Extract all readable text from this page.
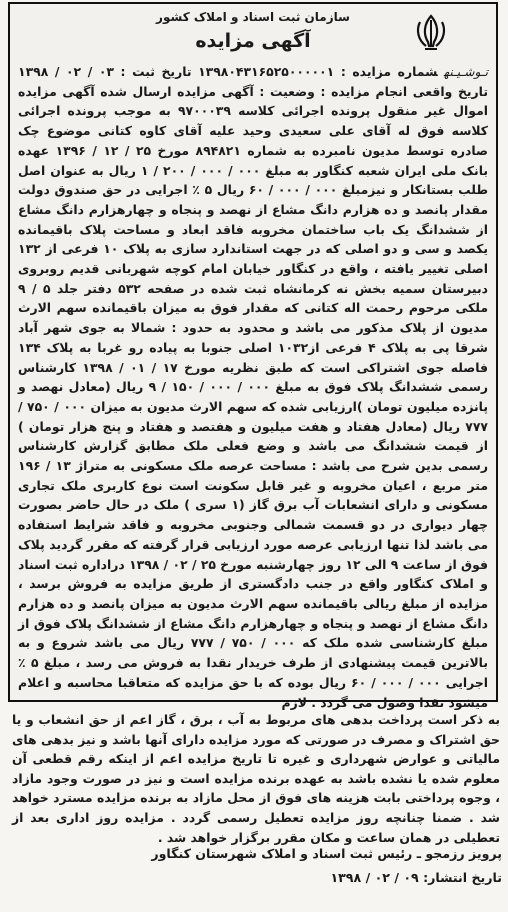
سازمان ثبت اسناد و املاک کشور
آگهی مزایده
تـوشـیـنهشماره مزایده : ۱۳۹۸۰۴۳۱۶۵۲۵۰۰۰۰۰۱ تاریخ ثبت : ۰۳ / ۰۲ / ۱۳۹۸ تاریخ واقعی انجام مزایده : وضعیت : آگهی مزایده ارسال شده آگهی مزایده اموال غیر منقول پرونده اجرائی کلاسه ۹۷۰۰۰۳۹ به موجب پرونده اجرائی کلاسه فوق له آقای علی سعیدی وحید علیه آقای کاوه کتانی موضوع چک صادره توسط مدیون نامبرده به شماره ۸۹۴۸۲۱ مورخ ۲۵ / ۱۲ / ۱۳۹۶ عهده بانک ملی ایران شعبه کنگاور به مبلغ ۰۰۰ / ۰۰۰ / ۲۰۰ / ۱ ریال به عنوان اصل طلب بستانکار و نیزمبلغ ۰۰۰ / ۰۰۰ / ۶۰ ریال ۵ ٪ اجرایی در حق صندوق دولت مقدار پانصد و ده هزارم دانگ مشاع از نهصد و پنجاه و چهارهزارم دانگ مشاع از ششدانگ یک باب ساختمان مخروبه فاقد ابعاد و مساحت پلاک باقیمانده یکصد و سی و دو اصلی که در جهت استاندارد سازی به پلاک ۱۰ فرعی از ۱۳۲ اصلی تغییر یافته ، واقع در کنگاور خیابان امام کوچه شهربانی قدیم روبروی دبیرستان سمیه بخش نه کرمانشاه ثبت شده در صفحه ۵۳۲ دفتر جلد ۵ / ۹ ملکی مرحوم رحمت اله کتانی که مقدار فوق به میزان باقیمانده سهم الارث مدیون از پلاک مذکور می باشد و محدود به حدود : شمالا به جوی شهر آباد شرقا پی به پلاک ۴ فرعی از۱۰۳۲ اصلی جنوبا به پیاده رو غربا به پلاک ۱۳۴ فاصله جوی اشتراکی است که طبق نظریه مورخ ۱۷ / ۰۱ / ۱۳۹۸ کارشناس رسمی ششدانگ پلاک فوق به مبلغ ۰۰۰ / ۰۰۰ / ۱۵۰ / ۹ ریال (معادل نهصد و پانزده میلیون تومان )ارزیابی شده که سهم الارث مدیون به میزان ۰۰۰ / ۷۵۰ / ۷۷۷ ریال (معادل هفتاد و هفت میلیون و هفتصد و هفتاد و پنج هزار تومان ) از قیمت ششدانگ می باشد و وضع فعلی ملک مطابق گزارش کارشناس رسمی بدین شرح می باشد : مساحت عرصه ملک مسکونی به متراژ ۱۳ / ۱۹۶ متر مربع ، اعیان مخروبه و غیر قابل سکونت است نوع کاربری ملک تجاری مسکونی و دارای انشعابات آب برق گاز (۱ سری ) ملک در حال حاضر بصورت چهار دیواری در دو قسمت شمالی وجنوبی مخروبه و فاقد شرایط استفاده می باشد لذا تنها ارزیابی عرصه مورد ارزیابی قرار گرفته که مقرر گردید پلاک فوق از ساعت ۹ الی ۱۲ روز چهارشنبه مورخ ۲۵ / ۰۲ / ۱۳۹۸ دراداره ثبت اسناد و املاک کنگاور واقع در جنب دادگستری از طریق مزایده به فروش برسد ، مزایده از مبلغ ریالی باقیمانده سهم الارث مدیون به میزان پانصد و ده هزارم دانگ مشاع از نهصد و پنجاه و چهارهزارم دانگ مشاع از ششدانگ پلاک فوق از مبلغ کارشناسی شده ملک که ۰۰۰ / ۷۵۰ / ۷۷۷ ریال می باشد شروع و به بالاترین قیمت پیشنهادی از طرف خریدار نقدا به فروش می رسد ، مبلغ ۵ ٪ اجرایی ۰۰۰ / ۰۰۰ / ۶۰ ریال بوده که با حق مزایده که متعاقبا محاسبه و اعلام میشود نقدا وصول می گردد . لازم
به ذکر است پرداخت بدهی های مربوط به آب ، برق ، گاز اعم از حق انشعاب و یا حق اشتراک و مصرف در صورتی که مورد مزایده دارای آنها باشد و نیز بدهی های مالیاتی و عوارض شهرداری و غیره تا تاریخ مزایده اعم از اینکه رقم قطعی آن معلوم شده یا نشده باشد به عهده برنده مزایده است و نیز در صورت وجود مازاد ، وجوه پرداختی بابت هزینه های فوق از محل مازاد به برنده مزایده مسترد خواهد شد . ضمنا چنانچه روز مزایده تعطیل رسمی گردد . مزایده روز اداری بعد از تعطیلی در همان ساعت و مکان مقرر برگزار خواهد شد .
پرویز رزمجو ـ رئیس ثبت اسناد و املاک شهرستان کنگاور
تاریخ انتشار: ۰۹ / ۰۲ / ۱۳۹۸
